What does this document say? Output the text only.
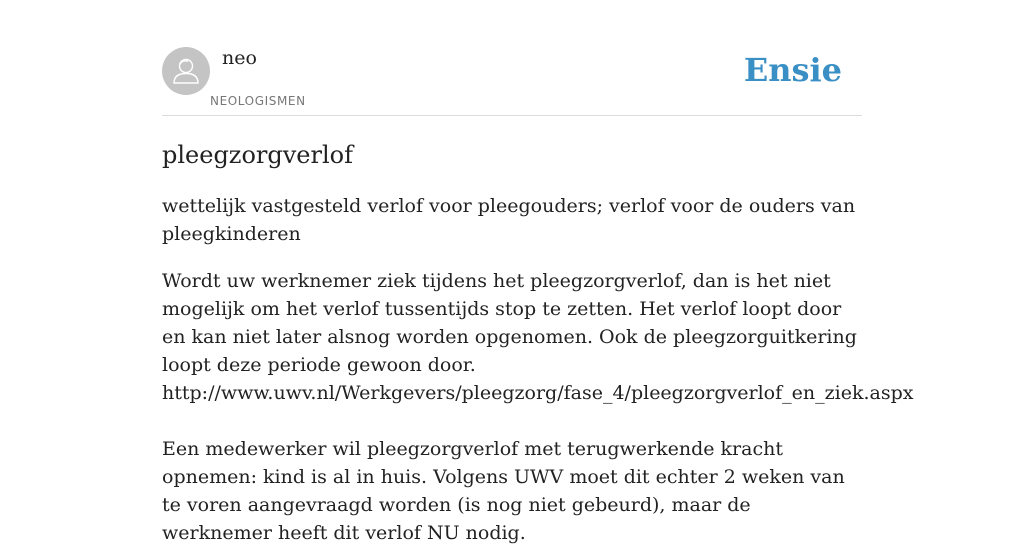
neo
NEOLOGISMEN
Ensie
pleegzorgverlof

wettelijk vastgesteld verlof voor pleegouders; verlof voor de ouders van pleegkinderen

Wordt uw werknemer ziek tijdens het pleegzorgverlof, dan is het niet mogelijk om het verlof tussentijds stop te zetten. Het verlof loopt door en kan niet later alsnog worden opgenomen. Ook de pleegzorguitkering loopt deze periode gewoon door.
http://www.uwv.nl/Werkgevers/pleegzorg/fase_4/pleegzorgverlof_en_ziek.aspx

Een medewerker wil pleegzorgverlof met terugwerkende kracht opnemen: kind is al in huis. Volgens UWV moet dit echter 2 weken van te voren aangevraagd worden (is nog niet gebeurd), maar de werknemer heeft dit verlof NU nodig.
